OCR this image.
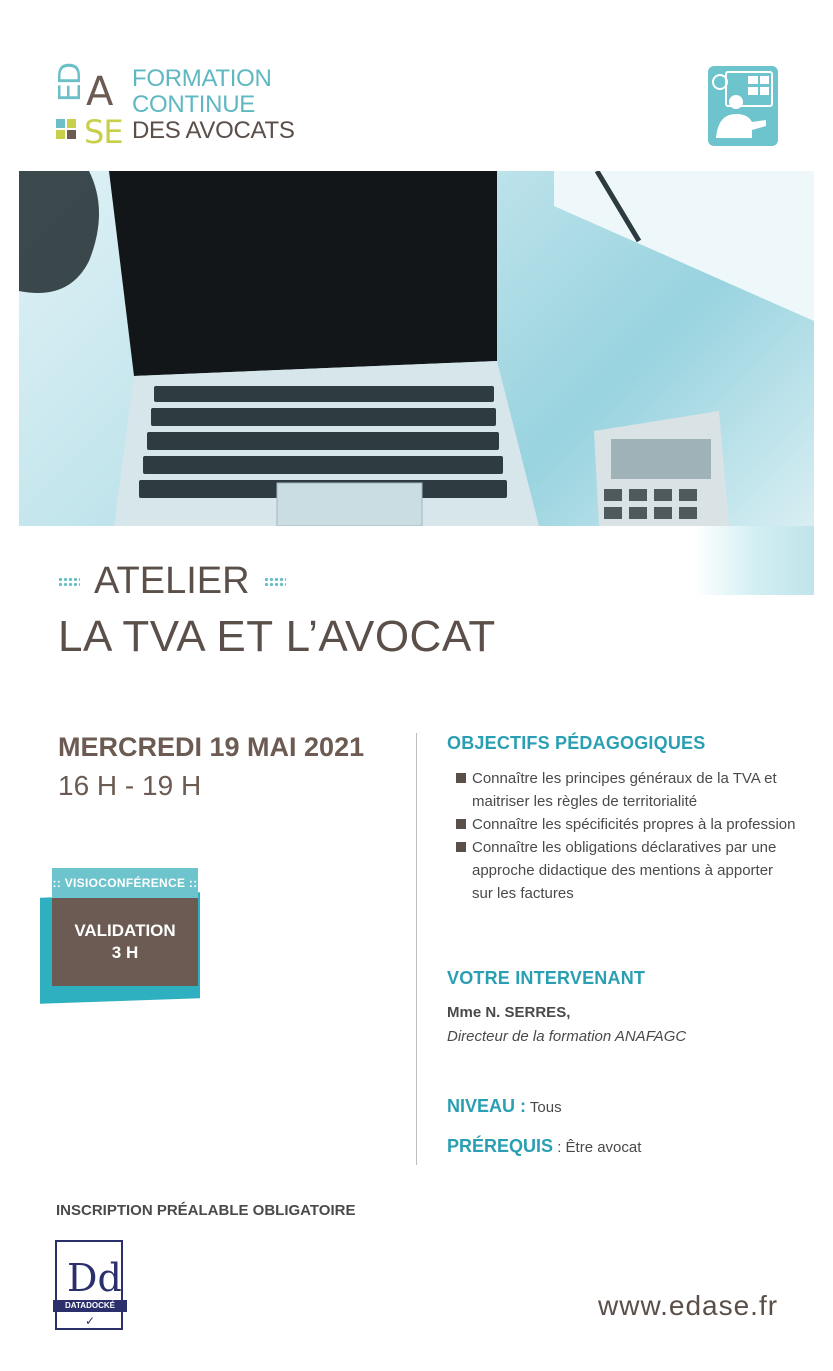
ED
A
SE
FORMATION
CONTINUE
DES AVOCATS
ATELIER
LA TVA ET L’AVOCAT
MERCREDI 19 MAI 2021
16 H - 19 H
:: VISIOCONFÉRENCE ::
VALIDATION
3 H
OBJECTIFS PÉDAGOGIQUES
Connaître les principes généraux de la TVA et maitriser les règles de territorialité
Connaître les spécificités propres à la profession
Connaître les obligations déclaratives par une approche didactique des mentions à apporter sur les factures
VOTRE INTERVENANT
Mme N. SERRES,
Directeur de la formation ANAFAGC
NIVEAU : Tous
PRÉREQUIS : Être avocat
INSCRIPTION PRÉALABLE OBLIGATOIRE
Dd
DATADOCKÉ
✓	www.edase.fr
